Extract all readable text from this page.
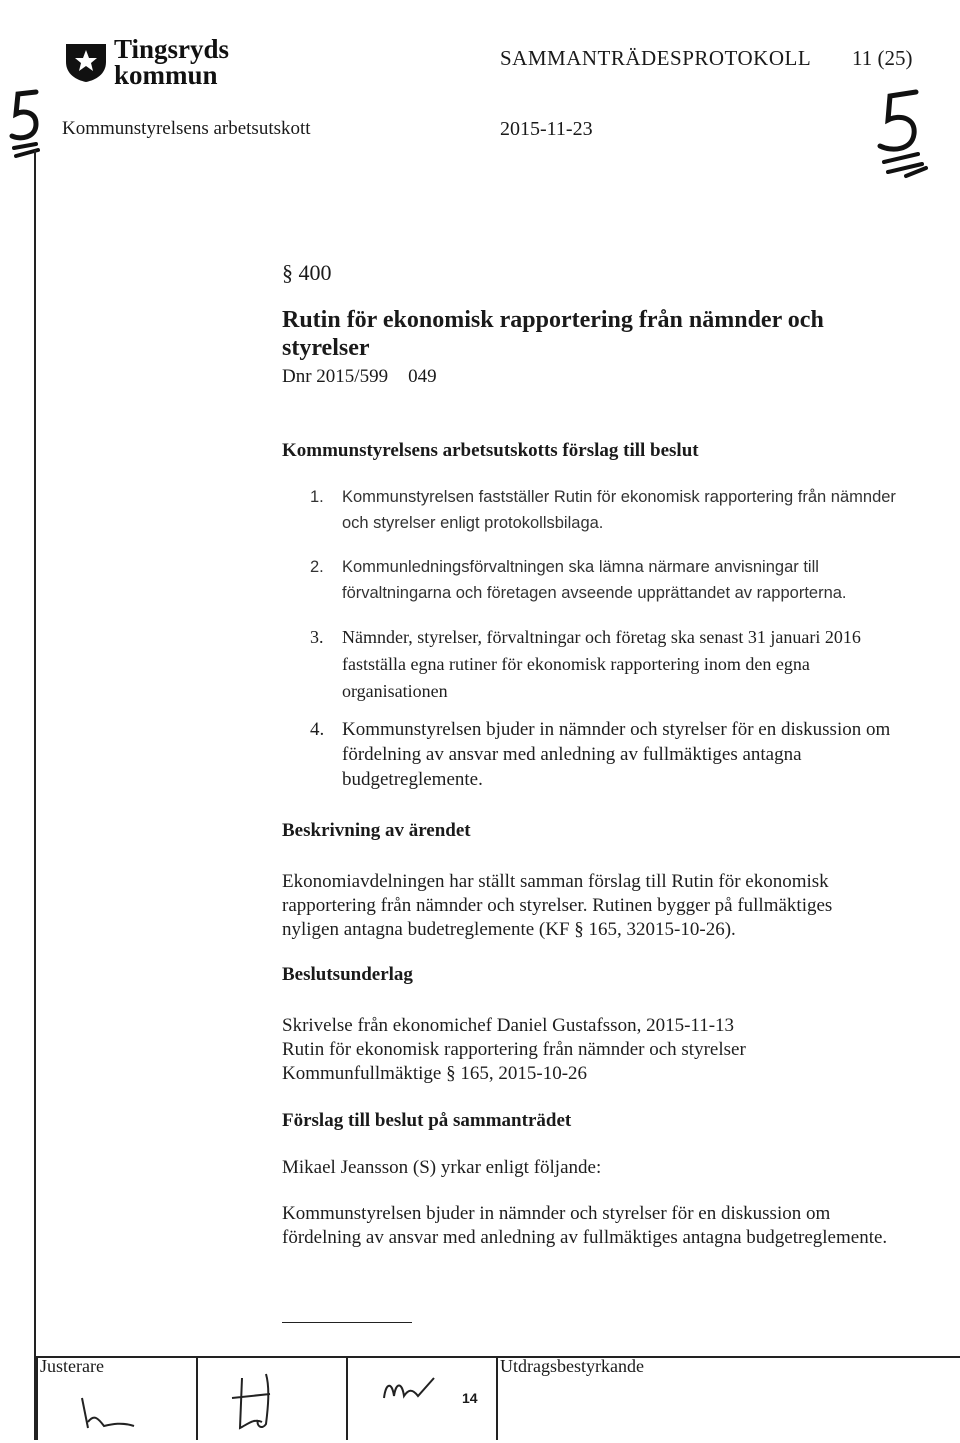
Tingsryds
kommun
SAMMANTRÄDESPROTOKOLL 11 (25)
Kommunstyrelsens arbetsutskott	2015-11-23
§ 400
Rutin för ekonomisk rapportering från nämnder och styrelser
Dnr 2015/599 049
Kommunstyrelsens arbetsutskotts förslag till beslut
1. Kommunstyrelsen fastställer Rutin för ekonomisk rapportering från nämnder och styrelser enligt protokollsbilaga.
2. Kommunledningsförvaltningen ska lämna närmare anvisningar till förvaltningarna och företagen avseende upprättandet av rapporterna.
3. Nämnder, styrelser, förvaltningar och företag ska senast 31 januari 2016 fastställa egna rutiner för ekonomisk rapportering inom den egna organisationen
4. Kommunstyrelsen bjuder in nämnder och styrelser för en diskussion om fördelning av ansvar med anledning av fullmäktiges antagna budgetreglemente.
Beskrivning av ärendet
Ekonomiavdelningen har ställt samman förslag till Rutin för ekonomisk rapportering från nämnder och styrelser. Rutinen bygger på fullmäktiges nyligen antagna budetreglemente (KF § 165, 32015-10-26).
Beslutsunderlag
Skrivelse från ekonomichef Daniel Gustafsson, 2015-11-13
Rutin för ekonomisk rapportering från nämnder och styrelser
Kommunfullmäktige § 165, 2015-10-26
Förslag till beslut på sammanträdet
Mikael Jeansson (S) yrkar enligt följande:
Kommunstyrelsen bjuder in nämnder och styrelser för en diskussion om fördelning av ansvar med anledning av fullmäktiges antagna budgetreglemente.
Justerare	Utdragsbestyrkande
14
